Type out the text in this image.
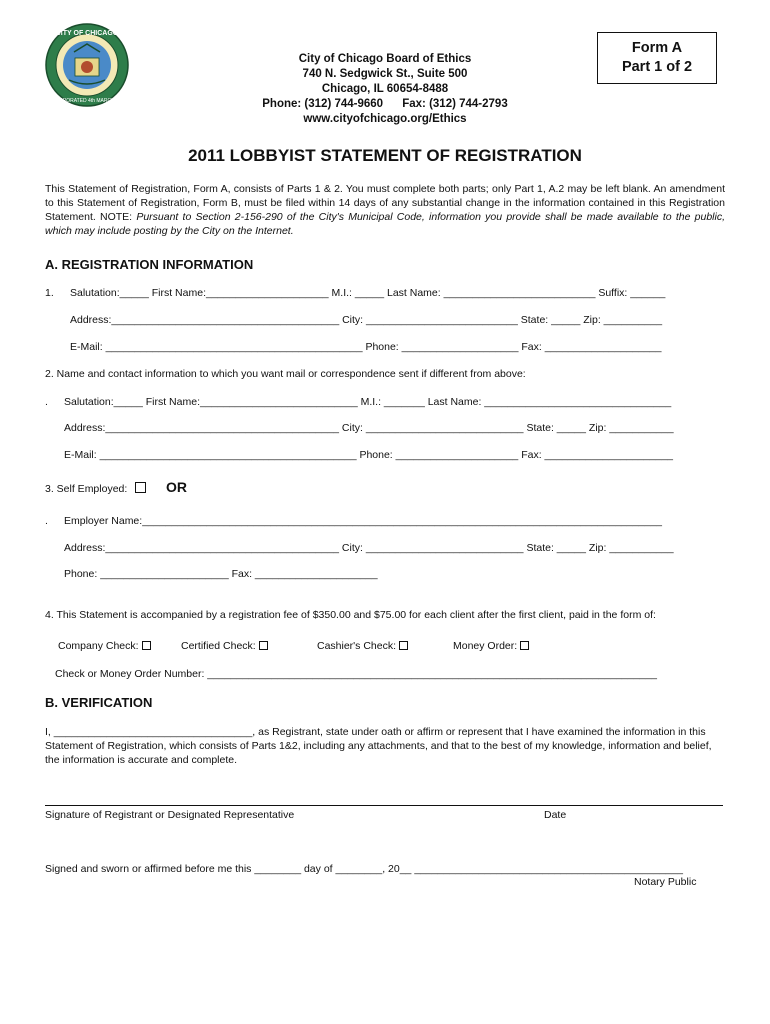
CITY OF CHICAGO
INCORPORATED 4th MARCH 1837
City of Chicago Board of Ethics
740 N. Sedgwick St., Suite 500
Chicago, IL 60654-8488
Phone: (312) 744-9660      Fax: (312) 744-2793
www.cityofchicago.org/Ethics
Form A
Part 1 of 2
2011 LOBBYIST STATEMENT OF REGISTRATION
This Statement of Registration, Form A, consists of Parts 1 & 2. You must complete both parts; only Part 1, A.2 may be left blank. An amendment to this Statement of Registration, Form B, must be filed within 14 days of any substantial change in the information contained in this Registration Statement. NOTE: Pursuant to Section 2-156-290 of the City's Municipal Code, information you provide shall be made available to the public, which may include posting by the City on the Internet.
A. REGISTRATION INFORMATION
1. Salutation:_____ First Name:_____________________ M.I.: _____ Last Name: __________________________ Suffix: ______
Address:_______________________________________ City: __________________________ State: _____ Zip: __________
E-Mail: ____________________________________________ Phone: ____________________ Fax: ____________________
2. Name and contact information to which you want mail or correspondence sent if different from above:
. Salutation:_____ First Name:___________________________ M.I.: _______ Last Name: ________________________________
Address:________________________________________ City: ___________________________ State: _____ Zip: ___________
E-Mail: ____________________________________________ Phone: _____________________ Fax: ______________________
3. Self Employed:	OR
. Employer Name:_________________________________________________________________________________________
Address:________________________________________ City: ___________________________ State: _____ Zip: ___________
Phone: ______________________ Fax: _____________________
4. This Statement is accompanied by a registration fee of $350.00 and $75.00 for each client after the first client, paid in the form of:
Company Check:	Certified Check:	Cashier's Check:	Money Order:
Check or Money Order Number: _____________________________________________________________________________
B. VERIFICATION
I, __________________________________, as Registrant, state under oath or affirm or represent that I have examined the information in this Statement of Registration, which consists of Parts 1&2, including any attachments, and that to the best of my knowledge, information and belief, the information is accurate and complete.
Signature of Registrant or Designated Representative	Date
Signed and sworn or affirmed before me this ________ day of ________, 20__ ______________________________________________
Notary Public
